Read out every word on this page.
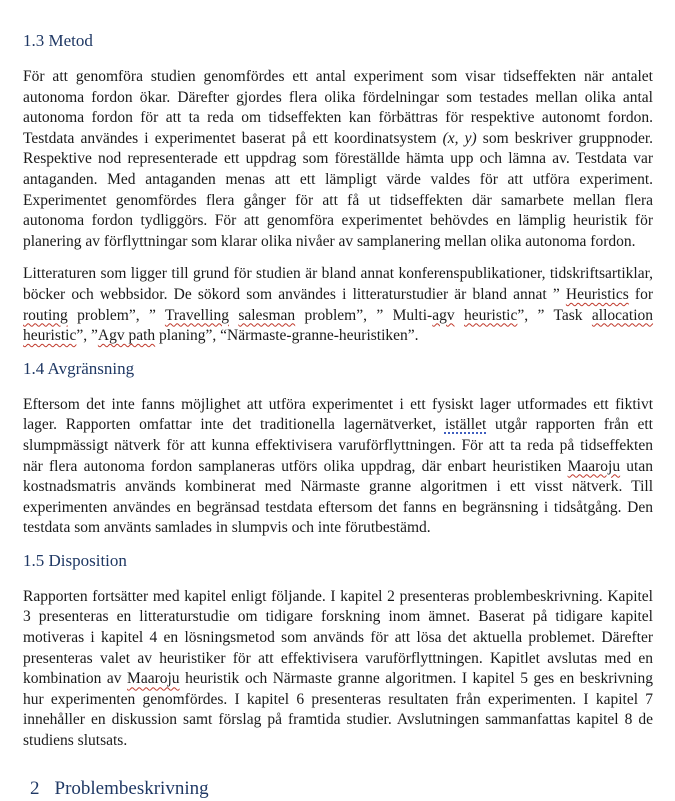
1.3 Metod

För att genomföra studien genomfördes ett antal experiment som visar tidseffekten när antalet autonoma fordon ökar. Därefter gjordes flera olika fördelningar som testades mellan olika antal autonoma fordon för att ta reda om tidseffekten kan förbättras för respektive autonomt fordon. Testdata användes i experimentet baserat på ett koordinatsystem (x, y) som beskriver gruppnoder. Respektive nod representerade ett uppdrag som föreställde hämta upp och lämna av. Testdata var antaganden. Med antaganden menas att ett lämpligt värde valdes för att utföra experiment. Experimentet genomfördes flera gånger för att få ut tidseffekten där samarbete mellan flera autonoma fordon tydliggörs. För att genomföra experimentet behövdes en lämplig heuristik för planering av förflyttningar som klarar olika nivåer av samplanering mellan olika autonoma fordon.

Litteraturen som ligger till grund för studien är bland annat konferenspublikationer, tidskriftsartiklar, böcker och webbsidor. De sökord som användes i litteraturstudier är bland annat ” Heuristics for routing problem”, ” Travelling salesman problem”, ” Multi-agv heuristic”, ” Task allocation heuristic”, ”Agv path planing”, “Närmaste-granne-heuristiken”.

1.4 Avgränsning

Eftersom det inte fanns möjlighet att utföra experimentet i ett fysiskt lager utformades ett fiktivt lager. Rapporten omfattar inte det traditionella lagernätverket, istället utgår rapporten från ett slumpmässigt nätverk för att kunna effektivisera varuförflyttningen. För att ta reda på tidseffekten när flera autonoma fordon samplaneras utförs olika uppdrag, där enbart heuristiken Maaroju utan kostnadsmatris används kombinerat med Närmaste granne algoritmen i ett visst nätverk. Till experimenten användes en begränsad testdata eftersom det fanns en begränsning i tidsåtgång. Den testdata som använts samlades in slumpvis och inte förutbestämd.

1.5 Disposition

Rapporten fortsätter med kapitel enligt följande. I kapitel 2 presenteras problembeskrivning. Kapitel 3 presenteras en litteraturstudie om tidigare forskning inom ämnet. Baserat på tidigare kapitel motiveras i kapitel 4 en lösningsmetod som används för att lösa det aktuella problemet. Därefter presenteras valet av heuristiker för att effektivisera varuförflyttningen. Kapitlet avslutas med en kombination av Maaroju heuristik och Närmaste granne algoritmen. I kapitel 5 ges en beskrivning hur experimenten genomfördes. I kapitel 6 presenteras resultaten från experimenten. I kapitel 7 innehåller en diskussion samt förslag på framtida studier. Avslutningen sammanfattas kapitel 8 de studiens slutsats.

2 Problembeskrivning
